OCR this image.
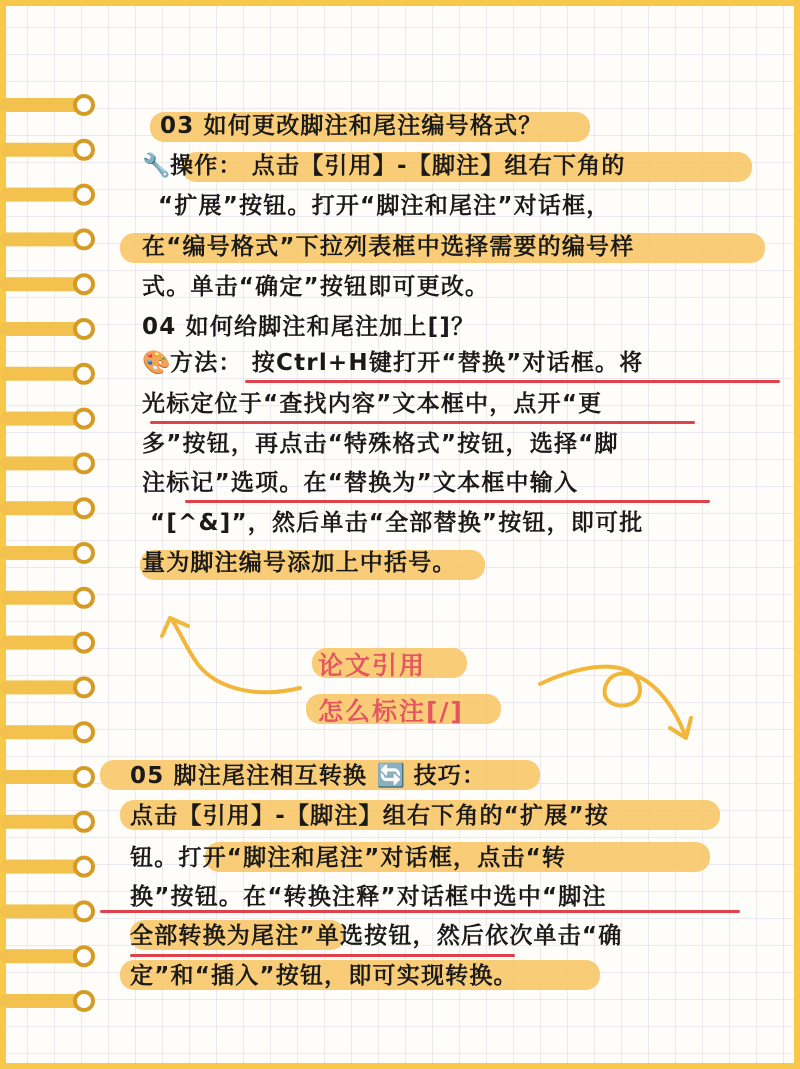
03 如何更改脚注和尾注编号格式？
🔧操作： 点击【引用】-【脚注】组右下角的
“扩展”按钮。打开“脚注和尾注”对话框，
在“编号格式”下拉列表框中选择需要的编号样
式。单击“确定”按钮即可更改。
04 如何给脚注和尾注加上[]？
🎨方法： 按Ctrl+H键打开“替换”对话框。将
光标定位于“查找内容”文本框中，点开“更
多”按钮，再点击“特殊格式”按钮，选择“脚
注标记”选项。在“替换为”文本框中输入
“[^&]”，然后单击“全部替换”按钮，即可批
量为脚注编号添加上中括号。
论文引用
怎么标注[/]
05 脚注尾注相互转换 🔄 技巧：
点击【引用】-【脚注】组右下角的“扩展”按
钮。打开“脚注和尾注”对话框，点击“转
换”按钮。在“转换注释”对话框中选中“脚注
全部转换为尾注”单选按钮，然后依次单击“确
定”和“插入”按钮，即可实现转换。
